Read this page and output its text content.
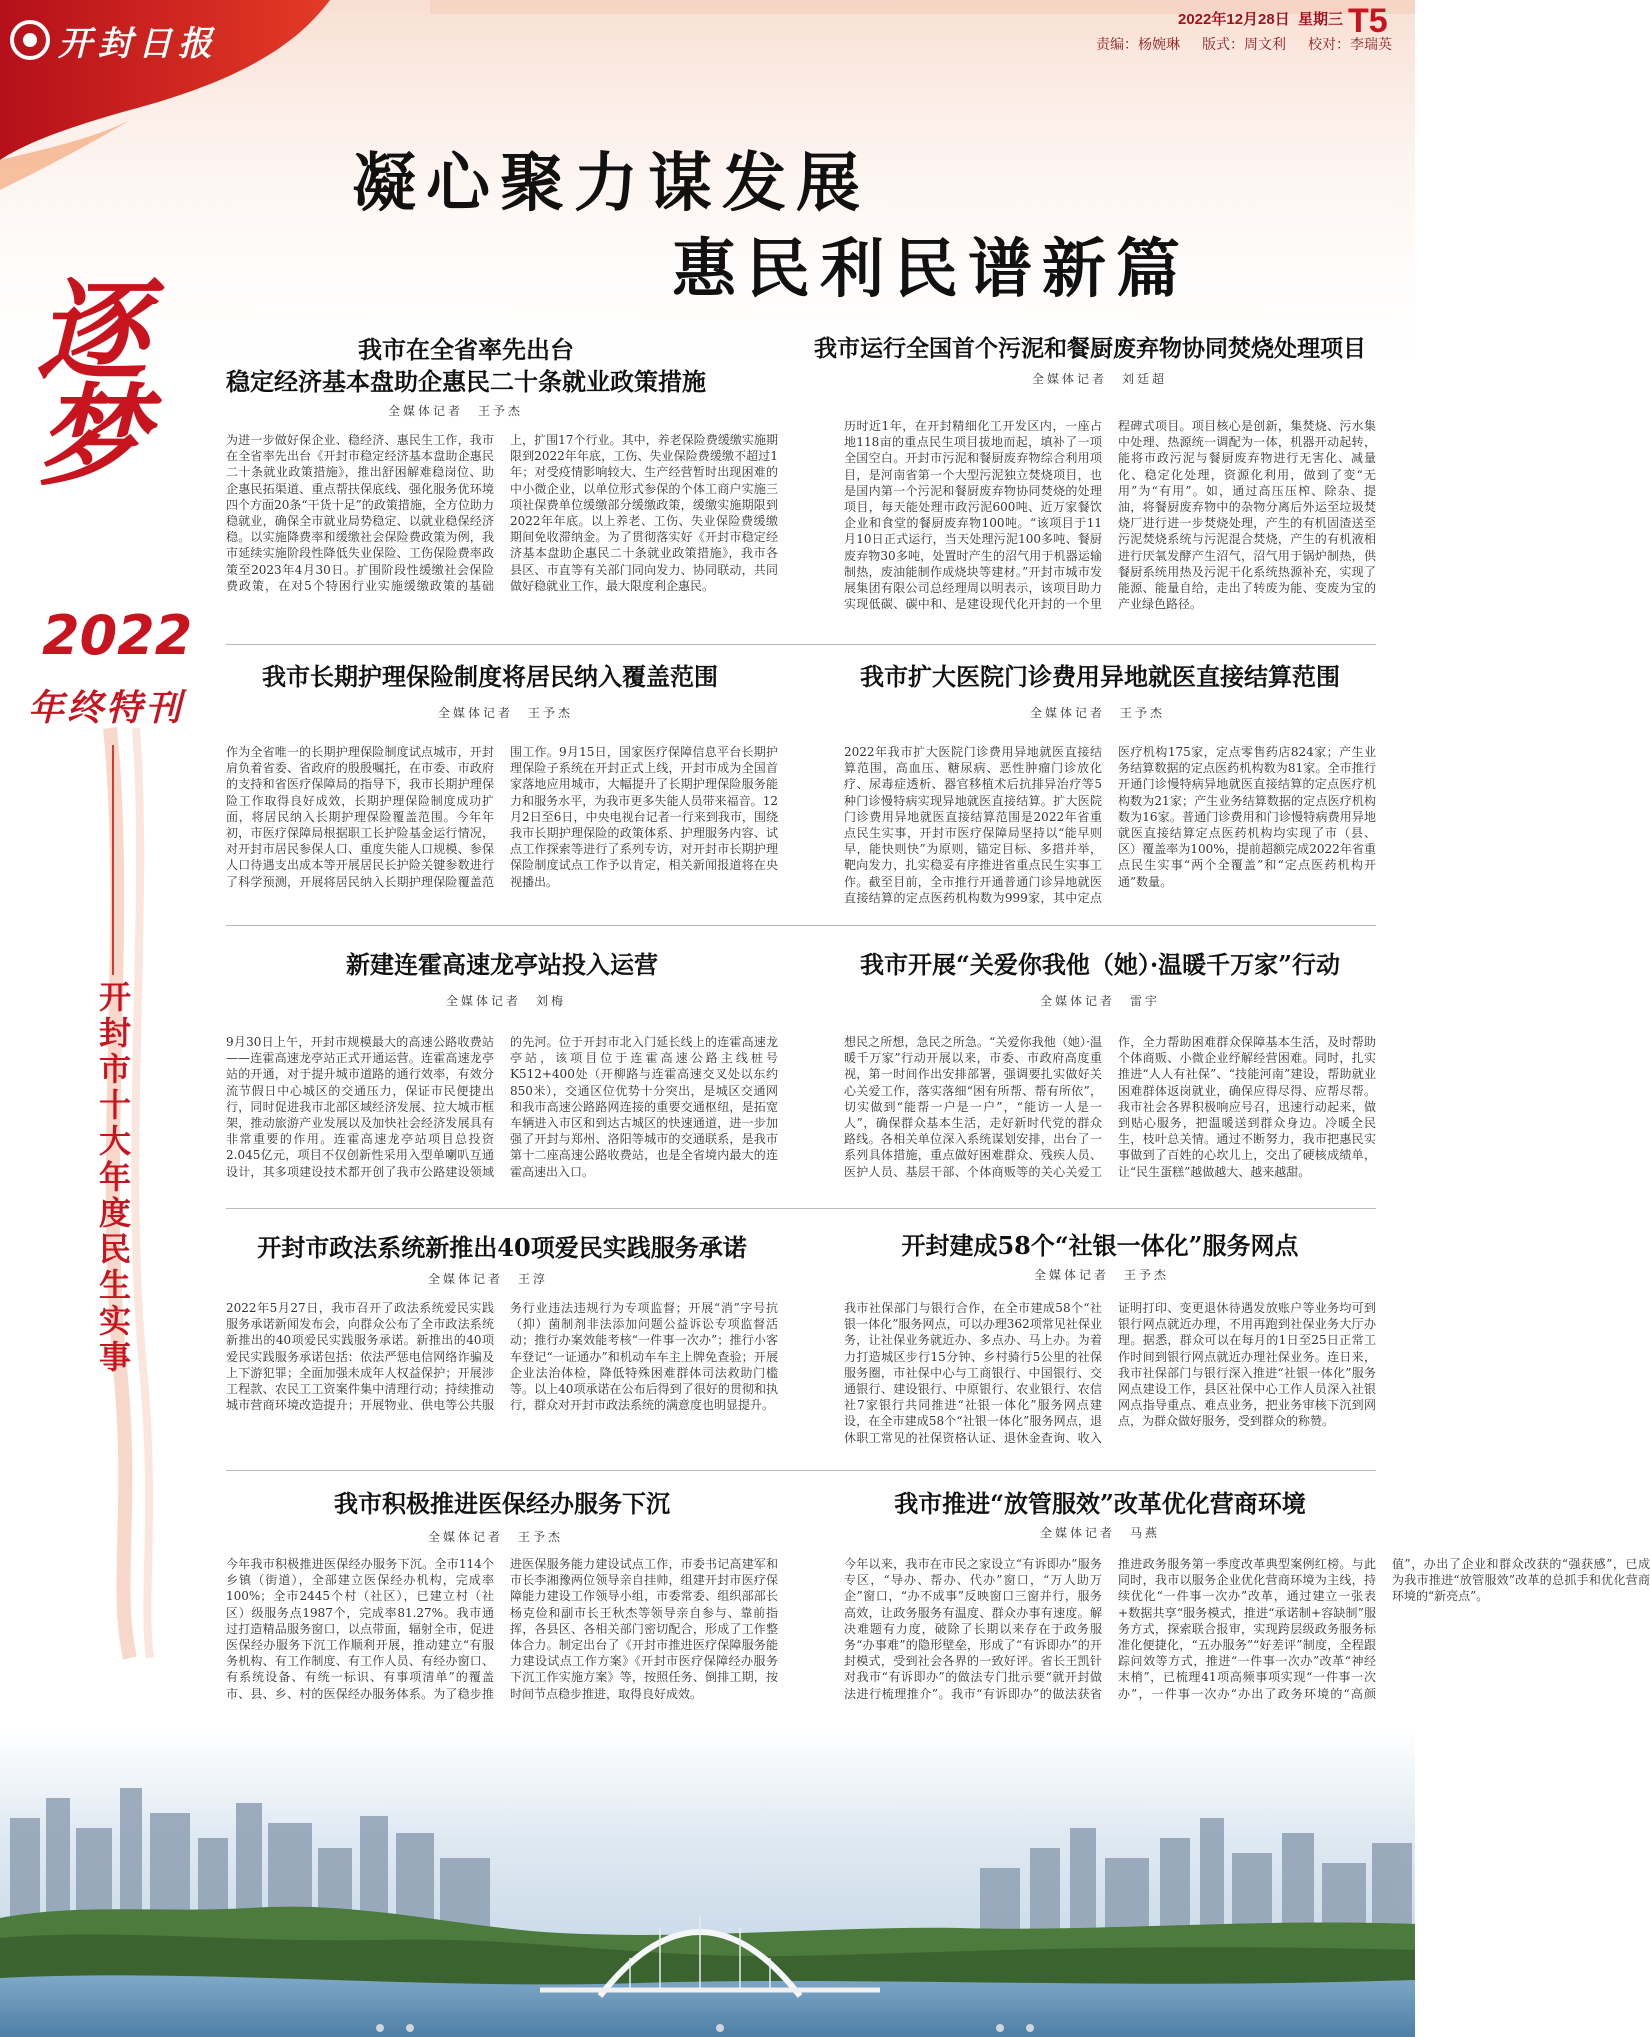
开封日报
2022年12月28日 星期三 T5
责编：杨婉琳 版式：周文利 校对：李瑞英
凝心聚力谋发展
惠民利民谱新篇
逐梦
2022
年终特刊
开封市十大年度民生实事
我市在全省率先出台
稳定经济基本盘助企惠民二十条就业政策措施
全媒体记者　王予杰
为进一步做好保企业、稳经济、惠民生工作，我市在全省率先出台《开封市稳定经济基本盘助企惠民二十条就业政策措施》，推出舒困解难稳岗位、助企惠民拓渠道、重点帮扶保底线、强化服务优环境四个方面20条“干货十足”的政策措施，全方位助力稳就业，确保全市就业局势稳定、以就业稳保经济稳。以实施降费率和缓缴社会保险费政策为例，我市延续实施阶段性降低失业保险、工伤保险费率政策至2023年4月30日。扩围阶段性缓缴社会保险费政策，在对5个特困行业实施缓缴政策的基础上，扩围17个行业。其中，养老保险费缓缴实施期限到2022年年底，工伤、失业保险费缓缴不超过1年；对受疫情影响较大、生产经营暂时出现困难的中小微企业，以单位形式参保的个体工商户实施三项社保费单位缓缴部分缓缴政策，缓缴实施期限到2022年年底。以上养老、工伤、失业保险费缓缴期间免收滞纳金。为了贯彻落实好《开封市稳定经济基本盘助企惠民二十条就业政策措施》，我市各县区、市直等有关部门同向发力、协同联动，共同做好稳就业工作，最大限度利企惠民。
我市运行全国首个污泥和餐厨废弃物协同焚烧处理项目
全媒体记者　刘廷超
历时近1年，在开封精细化工开发区内，一座占地118亩的重点民生项目拔地而起，填补了一项全国空白。开封市污泥和餐厨废弃物综合利用项目，是河南省第一个大型污泥独立焚烧项目，也是国内第一个污泥和餐厨废弃物协同焚烧的处理项目，每天能处理市政污泥600吨、近万家餐饮企业和食堂的餐厨废弃物100吨。“该项目于11月10日正式运行，当天处理污泥100多吨、餐厨废弃物30多吨，处置时产生的沼气用于机器运输制热，废油能制作成烧块等建材。”开封市城市发展集团有限公司总经理周以明表示，该项目助力实现低碳、碳中和、是建设现代化开封的一个里程碑式项目。项目核心是创新，集焚烧、污水集中处理、热源统一调配为一体，机器开动起转，能将市政污泥与餐厨废弃物进行无害化、减量化、稳定化处理，资源化利用，做到了变“无用”为“有用”。如，通过高压压榨、除杂、提油，将餐厨废弃物中的杂物分离后外运至垃圾焚烧厂进行进一步焚烧处理，产生的有机固渣送至污泥焚烧系统与污泥混合焚烧，产生的有机液相进行厌氧发酵产生沼气，沼气用于锅炉制热，供餐厨系统用热及污泥干化系统热源补充，实现了能源、能量自给，走出了转废为能、变废为宝的产业绿色路径。
我市长期护理保险制度将居民纳入覆盖范围
全媒体记者　王予杰
作为全省唯一的长期护理保险制度试点城市，开封肩负着省委、省政府的殷殷嘱托，在市委、市政府的支持和省医疗保障局的指导下，我市长期护理保险工作取得良好成效，长期护理保险制度成功扩面，将居民纳入长期护理保险覆盖范围。今年年初，市医疗保障局根据职工长护险基金运行情况，对开封市居民参保人口、重度失能人口规模、参保人口待遇支出成本等开展居民长护险关键参数进行了科学预测，开展将居民纳入长期护理保险覆盖范围工作。9月15日，国家医疗保障信息平台长期护理保险子系统在开封正式上线，开封市成为全国首家落地应用城市，大幅提升了长期护理保险服务能力和服务水平，为我市更多失能人员带来福音。12月2日至6日，中央电视台记者一行来到我市，围绕我市长期护理保险的政策体系、护理服务内容、试点工作探索等进行了系列专访，对开封市长期护理保险制度试点工作予以肯定，相关新闻报道将在央视播出。
我市扩大医院门诊费用异地就医直接结算范围
全媒体记者　王予杰
2022年我市扩大医院门诊费用异地就医直接结算范围，高血压、糖尿病、恶性肿瘤门诊放化疗、尿毒症透析、器官移植术后抗排异治疗等5种门诊慢特病实现异地就医直接结算。扩大医院门诊费用异地就医直接结算范围是2022年省重点民生实事，开封市医疗保障局坚持以“能早则早，能快则快”为原则，锚定目标、多措并举，靶向发力，扎实稳妥有序推进省重点民生实事工作。截至目前，全市推行开通普通门诊异地就医直接结算的定点医药机构数为999家，其中定点医疗机构175家，定点零售药店824家；产生业务结算数据的定点医药机构数为81家。全市推行开通门诊慢特病异地就医直接结算的定点医疗机构数为21家；产生业务结算数据的定点医疗机构数为16家。普通门诊费用和门诊慢特病费用异地就医直接结算定点医药机构均实现了市（县、区）覆盖率为100%，提前超额完成2022年省重点民生实事“两个全覆盖”和“定点医药机构开通”数量。
新建连霍高速龙亭站投入运营
全媒体记者　刘梅
9月30日上午，开封市规模最大的高速公路收费站——连霍高速龙亭站正式开通运营。连霍高速龙亭站的开通，对于提升城市道路的通行效率，有效分流节假日中心城区的交通压力，保证市民便捷出行，同时促进我市北部区域经济发展、拉大城市框架，推动旅游产业发展以及加快社会经济发展具有非常重要的作用。连霍高速龙亭站项目总投资2.045亿元，项目不仅创新性采用入型单喇叭互通设计，其多项建设技术都开创了我市公路建设领域的先河。位于开封市北入门延长线上的连霍高速龙亭站，该项目位于连霍高速公路主线桩号K512+400处（开柳路与连霍高速交叉处以东约850米），交通区位优势十分突出，是城区交通网和我市高速公路路网连接的重要交通枢纽，是拓宽车辆进入市区和到达古城区的快速通道，进一步加强了开封与郑州、洛阳等城市的交通联系，是我市第十二座高速公路收费站，也是全省境内最大的连霍高速出入口。
我市开展“关爱你我他（她）·温暖千万家”行动
全媒体记者　雷宇
想民之所想，急民之所急。“关爱你我他（她）·温暖千万家”行动开展以来，市委、市政府高度重视，第一时间作出安排部署，强调要扎实做好关心关爱工作，落实落细“困有所帮、帮有所依”，切实做到“能帮一户是一户”，“能访一人是一人”，确保群众基本生活，走好新时代党的群众路线。各相关单位深入系统谋划安排，出台了一系列具体措施，重点做好困难群众、残疾人员、医护人员、基层干部、个体商贩等的关心关爱工作，全力帮助困难群众保障基本生活，及时帮助个体商贩、小微企业纾解经营困难。同时，扎实推进“人人有社保”、“技能河南”建设，帮助就业困难群体返岗就业，确保应得尽得、应帮尽帮。我市社会各界积极响应号召，迅速行动起来，做到贴心服务，把温暖送到群众身边。冷暖全民生，枝叶总关情。通过不断努力，我市把惠民实事做到了百姓的心坎儿上，交出了硬核成绩单，让“民生蛋糕”越做越大、越来越甜。
开封市政法系统新推出40项爱民实践服务承诺
全媒体记者　王淳
2022年5月27日，我市召开了政法系统爱民实践服务承诺新闻发布会，向群众公布了全市政法系统新推出的40项爱民实践服务承诺。新推出的40项爱民实践服务承诺包括：依法严惩电信网络诈骗及上下游犯罪；全面加强未成年人权益保护；开展涉工程款、农民工工资案件集中清理行动；持续推动城市营商环境改造提升；开展物业、供电等公共服务行业违法违规行为专项监督；开展“消”字号抗（抑）菌制剂非法添加问题公益诉讼专项监督活动；推行办案效能考核“一件事一次办”；推行小客车登记“一证通办”和机动车车主上牌免查验；开展企业法治体检，降低特殊困难群体司法救助门槛等。以上40项承诺在公布后得到了很好的贯彻和执行，群众对开封市政法系统的满意度也明显提升。
开封建成58个“社银一体化”服务网点
全媒体记者　王予杰
我市社保部门与银行合作，在全市建成58个“社银一体化”服务网点，可以办理362项常见社保业务，让社保业务就近办、多点办、马上办。为着力打造城区步行15分钟、乡村骑行5公里的社保服务圈，市社保中心与工商银行、中国银行、交通银行、建设银行、中原银行、农业银行、农信社7家银行共同推进“社银一体化”服务网点建设，在全市建成58个“社银一体化”服务网点，退休职工常见的社保资格认证、退休金查询、收入证明打印、变更退休待遇发放账户等业务均可到银行网点就近办理，不用再跑到社保业务大厅办理。据悉，群众可以在每月的1日至25日正常工作时间到银行网点就近办理社保业务。连日来，我市社保部门与银行深入推进“社银一体化”服务网点建设工作，县区社保中心工作人员深入社银网点指导重点、难点业务，把业务审核下沉到网点，为群众做好服务，受到群众的称赞。
我市积极推进医保经办服务下沉
全媒体记者　王予杰
今年我市积极推进医保经办服务下沉。全市114个乡镇（街道），全部建立医保经办机构，完成率100%；全市2445个村（社区），已建立村（社区）级服务点1987个，完成率81.27%。我市通过打造精品服务窗口，以点带面，辐射全市，促进医保经办服务下沉工作顺利开展，推动建立“有服务机构、有工作制度、有工作人员、有经办窗口、有系统设备、有统一标识、有事项清单”的覆盖市、县、乡、村的医保经办服务体系。为了稳步推进医保服务能力建设试点工作，市委书记高建军和市长李湘豫两位领导亲自挂帅，组建开封市医疗保障能力建设工作领导小组，市委常委、组织部部长杨克俭和副市长王秋杰等领导亲自参与、靠前指挥，各县区、各相关部门密切配合，形成了工作整体合力。制定出台了《开封市推进医疗保障服务能力建设试点工作方案》《开封市医疗保障经办服务下沉工作实施方案》等，按照任务、倒排工期，按时间节点稳步推进，取得良好成效。
我市推进“放管服效”改革优化营商环境
全媒体记者　马燕
今年以来，我市在市民之家设立“有诉即办”服务专区，“导办、帮办、代办”窗口，“万人助万企”窗口，“办不成事”反映窗口三窗并行，服务高效，让政务服务有温度、群众办事有速度。解决难题有力度，破除了长期以来存在于政务服务“办事难”的隐形壁垒，形成了“有诉即办”的开封模式，受到社会各界的一致好评。省长王凯针对我市“有诉即办”的做法专门批示要“就开封做法进行梳理推介”。我市“有诉即办”的做法获省推进政务服务第一季度改革典型案例红榜。与此同时，我市以服务企业优化营商环境为主线，持续优化“一件事一次办”改革，通过建立一张表+数据共享“服务模式，推进“承诺制+容缺制”服务方式，探索联合报审，实现跨层级政务服务标准化便捷化，“五办服务”“好差评”制度，全程跟踪问效等方式，推进“一件事一次办”改革“神经末梢”，已梳理41项高频事项实现“一件事一次办”，一件事一次办“办出了政务环境的“高颜值”，办出了企业和群众改获的“强获感”，已成为我市推进“放管服效”改革的总抓手和优化营商环境的“新亮点”。
